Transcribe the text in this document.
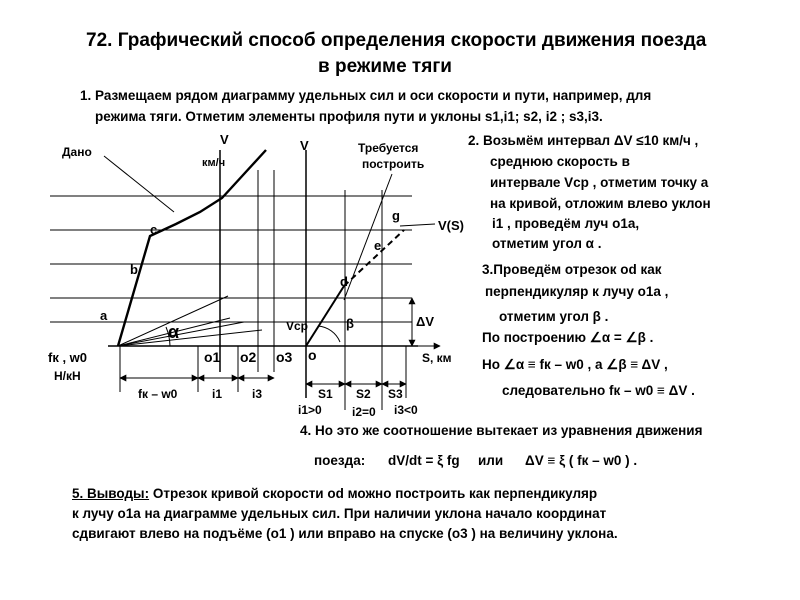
72. Графический способ определения скорости движения поезда
в режиме тяги
1. Размещаем рядом диаграмму удельных сил и оси скорости и пути, например, для
режима тяги. Отметим элементы профиля пути и уклоны s1,i1; s2, i2 ; s3,i3.
2. Возьмём интервал ΔV ≤10 км/ч ,
среднюю скорость в
интервале Vcp , отметим точку a
на кривой, отложим влево уклон
i1 , проведём луч o1a,
отметим угол α .
3.Проведём отрезок od как
перпендикуляр к лучу o1a ,
отметим угол β .
По построению ∠α = ∠β .
Но ∠α ≡ fк – w0 , a ∠β ≡ ΔV ,
следовательно fк – w0 ≡ ΔV .
4. Но это же соотношение вытекает из уравнения движения
поезда: dV/dt = ξ fg или ΔV ≡ ξ ( fк – w0 ) .
5. Выводы: Отрезок кривой скорости od можно построить как перпендикуляр
к лучу o1a на диаграмме удельных сил. При наличии уклона начало координат
сдвигают влево на подъёме (o1 ) или вправо на спуске (o3 ) на величину уклона.
Дано
V
км/ч
V	Требуется
построить
fк , w0
Н/кН
a
b
c
d
e
g
V(S)
Vcp
α	β	ΔV
S, км
o1 o2 o3 o
fк – w0	i1 i3	S1 S2 S3
i1>0	i2=0 i3<0
